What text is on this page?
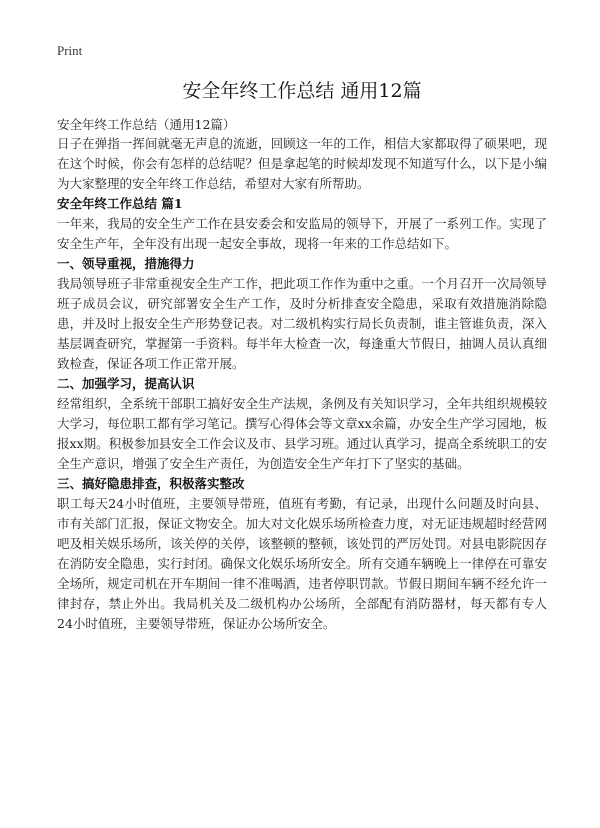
Print
安全年终工作总结 通用12篇
安全年终工作总结（通用12篇）

日子在弹指一挥间就毫无声息的流逝，回顾这一年的工作，相信大家都取得了硕果吧，现在这个时候，你会有怎样的总结呢？但是拿起笔的时候却发现不知道写什么，以下是小编为大家整理的安全年终工作总结，希望对大家有所帮助。

安全年终工作总结 篇1

一年来，我局的安全生产工作在县安委会和安监局的领导下，开展了一系列工作。实现了安全生产年，全年没有出现一起安全事故，现将一年来的工作总结如下。

一、领导重视，措施得力

我局领导班子非常重视安全生产工作，把此项工作作为重中之重。一个月召开一次局领导班子成员会议，研究部署安全生产工作，及时分析排查安全隐患，采取有效措施消除隐患，并及时上报安全生产形势登记表。对二级机构实行局长负责制，谁主管谁负责，深入基层调查研究，掌握第一手资料。每半年大检查一次，每逢重大节假日，抽调人员认真细致检查，保证各项工作正常开展。

二、加强学习，提高认识

经常组织，全系统干部职工搞好安全生产法规，条例及有关知识学习，全年共组织规模较大学习，每位职工都有学习笔记。撰写心得体会等文章xx余篇，办安全生产学习园地，板报xx期。积极参加县安全工作会议及市、县学习班。通过认真学习，提高全系统职工的安全生产意识，增强了安全生产责任，为创造安全生产年打下了坚实的基础。

三、搞好隐患排查，积极落实整改

职工每天24小时值班，主要领导带班，值班有考勤，有记录，出现什么问题及时向县、市有关部门汇报，保证文物安全。加大对文化娱乐场所检查力度，对无证违规超时经营网吧及相关娱乐场所，该关停的关停，该整顿的整顿，该处罚的严厉处罚。对县电影院因存在消防安全隐患，实行封闭。确保文化娱乐场所安全。所有交通车辆晚上一律停在可靠安全场所，规定司机在开车期间一律不准喝酒，违者停职罚款。节假日期间车辆不经允许一律封存，禁止外出。我局机关及二级机构办公场所，全部配有消防器材，每天都有专人24小时值班，主要领导带班，保证办公场所安全。
